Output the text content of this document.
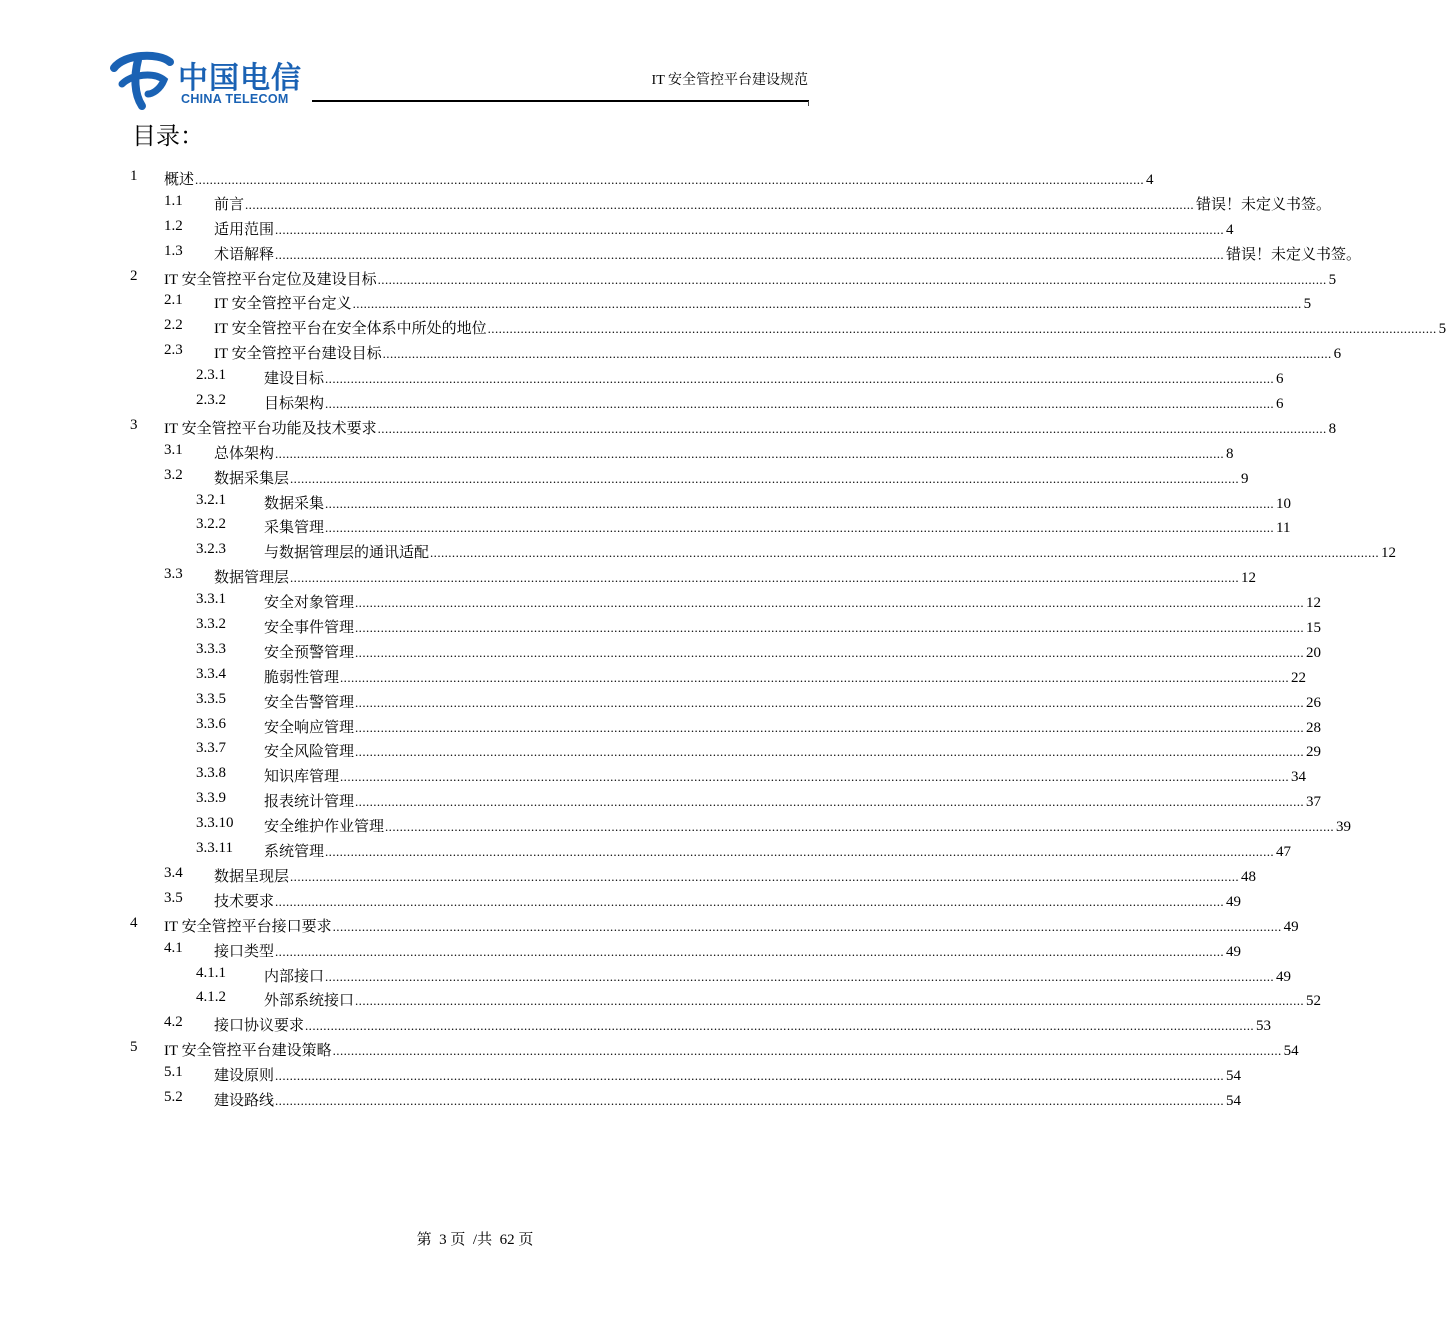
中国电信
CHINA TELECOM
IT 安全管控平台建设规范
目录：
1 概述 .................................................................................................................................................................................................................................................................... 4
1.1 前言 .................................................................................................................................................................................................................................................................... 错误！未定义书签。
1.2 适用范围 .................................................................................................................................................................................................................................................................... 4
1.3 术语解释 .................................................................................................................................................................................................................................................................... 错误！未定义书签。
2 IT 安全管控平台定位及建设目标 .................................................................................................................................................................................................................................................................... 5
2.1 IT 安全管控平台定义 .................................................................................................................................................................................................................................................................... 5
2.2 IT 安全管控平台在安全体系中所处的地位 .................................................................................................................................................................................................................................................................... 5
2.3 IT 安全管控平台建设目标 .................................................................................................................................................................................................................................................................... 6
2.3.1	建设目标 .................................................................................................................................................................................................................................................................... 6
2.3.2	目标架构 .................................................................................................................................................................................................................................................................... 6
3 IT 安全管控平台功能及技术要求 .................................................................................................................................................................................................................................................................... 8
3.1 总体架构 .................................................................................................................................................................................................................................................................... 8
3.2 数据采集层 .................................................................................................................................................................................................................................................................... 9
3.2.1	数据采集 .................................................................................................................................................................................................................................................................... 10
3.2.2	采集管理 .................................................................................................................................................................................................................................................................... 11
3.2.3	与数据管理层的通讯适配 .................................................................................................................................................................................................................................................................... 12
3.3 数据管理层 .................................................................................................................................................................................................................................................................... 12
3.3.1	安全对象管理 .................................................................................................................................................................................................................................................................... 12
3.3.2	安全事件管理 .................................................................................................................................................................................................................................................................... 15
3.3.3	安全预警管理 .................................................................................................................................................................................................................................................................... 20
3.3.4	脆弱性管理 .................................................................................................................................................................................................................................................................... 22
3.3.5	安全告警管理 .................................................................................................................................................................................................................................................................... 26
3.3.6	安全响应管理 .................................................................................................................................................................................................................................................................... 28
3.3.7	安全风险管理 .................................................................................................................................................................................................................................................................... 29
3.3.8	知识库管理 .................................................................................................................................................................................................................................................................... 34
3.3.9	报表统计管理 .................................................................................................................................................................................................................................................................... 37
3.3.10 安全维护作业管理 .................................................................................................................................................................................................................................................................... 39
3.3.11 系统管理 .................................................................................................................................................................................................................................................................... 47
3.4 数据呈现层 .................................................................................................................................................................................................................................................................... 48
3.5 技术要求 .................................................................................................................................................................................................................................................................... 49
4 IT 安全管控平台接口要求 .................................................................................................................................................................................................................................................................... 49
4.1 接口类型 .................................................................................................................................................................................................................................................................... 49
4.1.1	内部接口 .................................................................................................................................................................................................................................................................... 49
4.1.2	外部系统接口 .................................................................................................................................................................................................................................................................... 52
4.2 接口协议要求 .................................................................................................................................................................................................................................................................... 53
5 IT 安全管控平台建设策略 .................................................................................................................................................................................................................................................................... 54
5.1 建设原则 .................................................................................................................................................................................................................................................................... 54
5.2 建设路线 .................................................................................................................................................................................................................................................................... 54
第  3 页  /共  62 页
